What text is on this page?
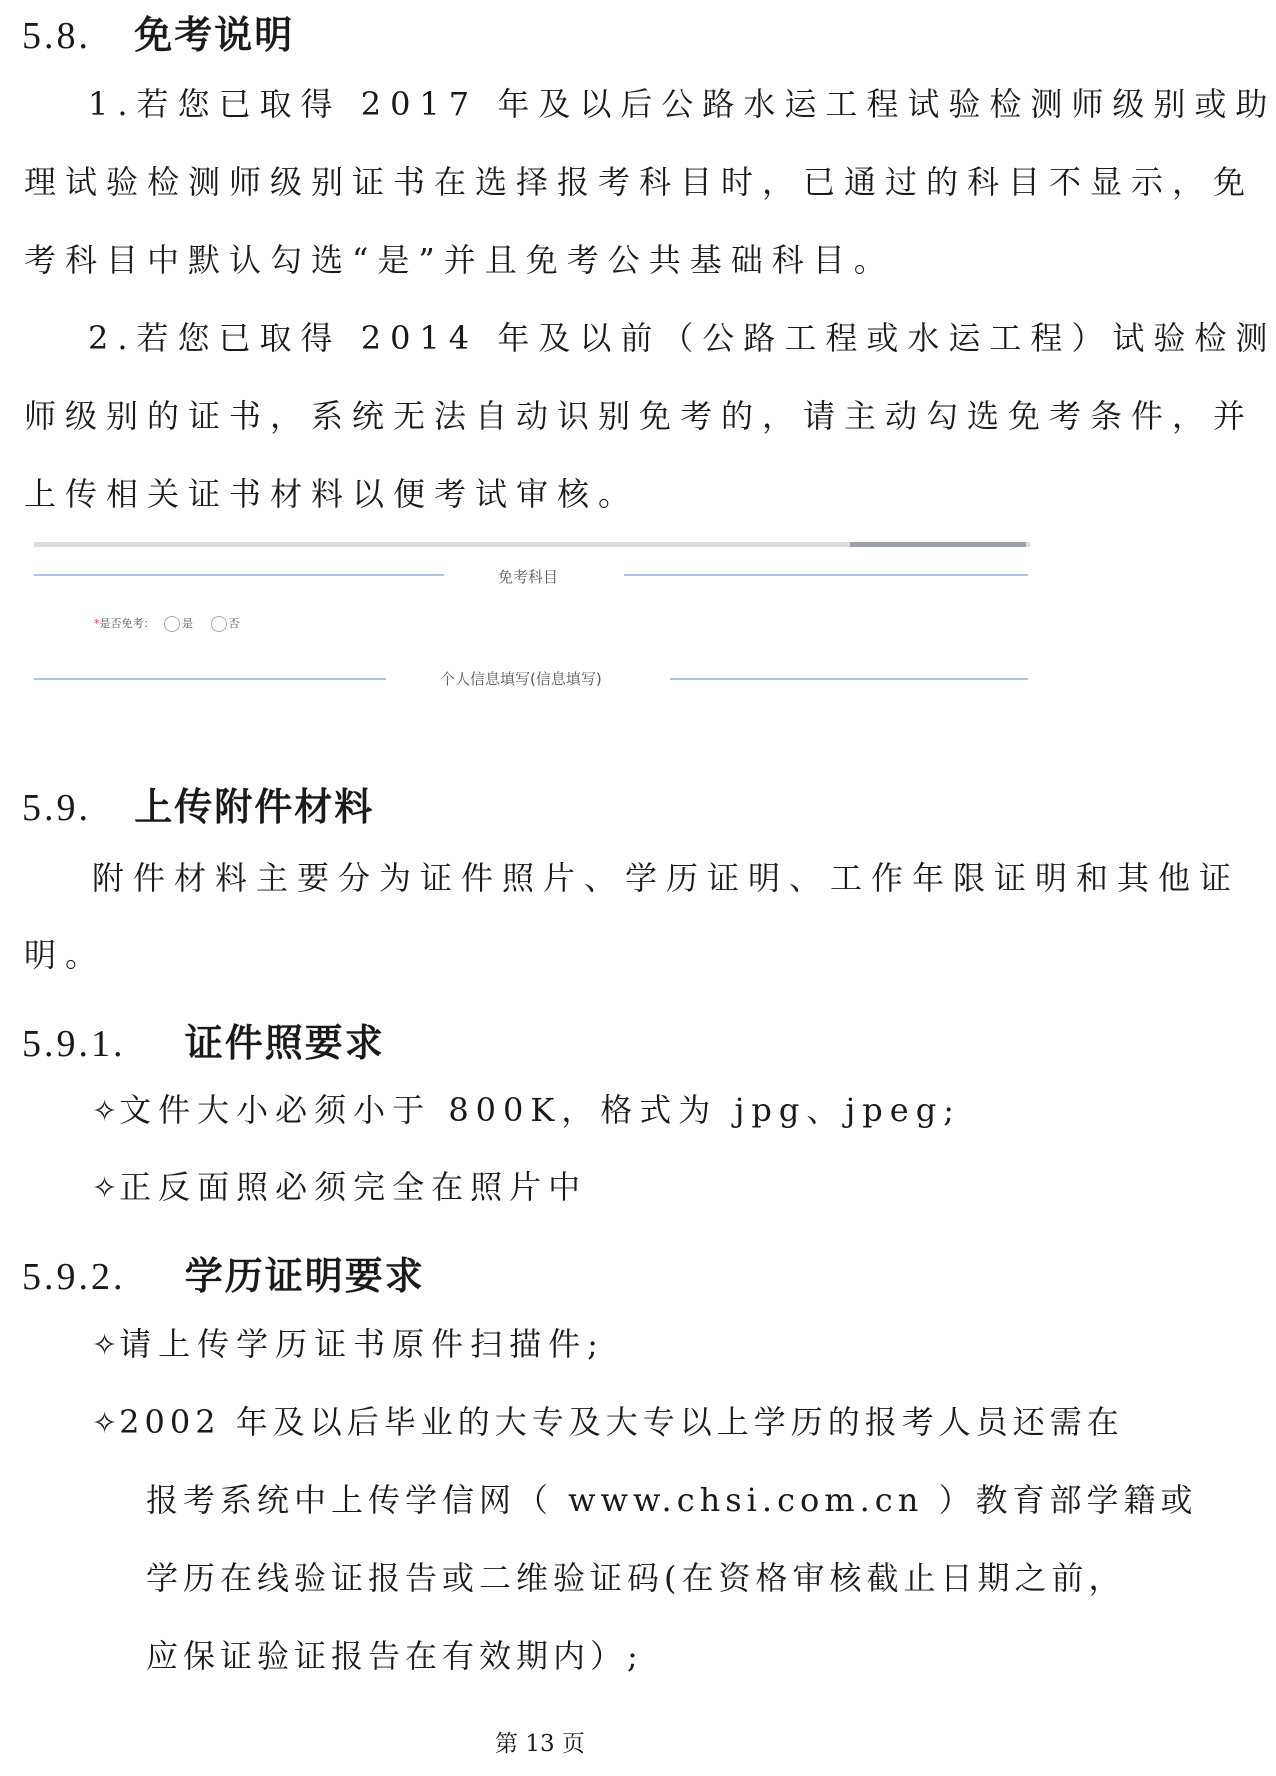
5.8. 免考说明
1.若您已取得 2017 年及以后公路水运工程试验检测师级别或助
理试验检测师级别证书在选择报考科目时，已通过的科目不显示，免
考科目中默认勾选“是”并且免考公共基础科目。
2.若您已取得 2014 年及以前（公路工程或水运工程）试验检测
师级别的证书，系统无法自动识别免考的，请主动勾选免考条件，并
上传相关证书材料以便考试审核。
免考科目
*是否免考：	是	否
个人信息填写(信息填写)
5.9. 上传附件材料
附件材料主要分为证件照片、学历证明、工作年限证明和其他证
明。
5.9.1. 证件照要求
✧文件大小必须小于 800K，格式为 jpg、jpeg;
✧正反面照必须完全在照片中
5.9.2. 学历证明要求
✧请上传学历证书原件扫描件;
✧2002 年及以后毕业的大专及大专以上学历的报考人员还需在
报考系统中上传学信网（ www.chsi.com.cn ）教育部学籍或
学历在线验证报告或二维验证码(在资格审核截止日期之前，
应保证验证报告在有效期内）;
第 13 页
